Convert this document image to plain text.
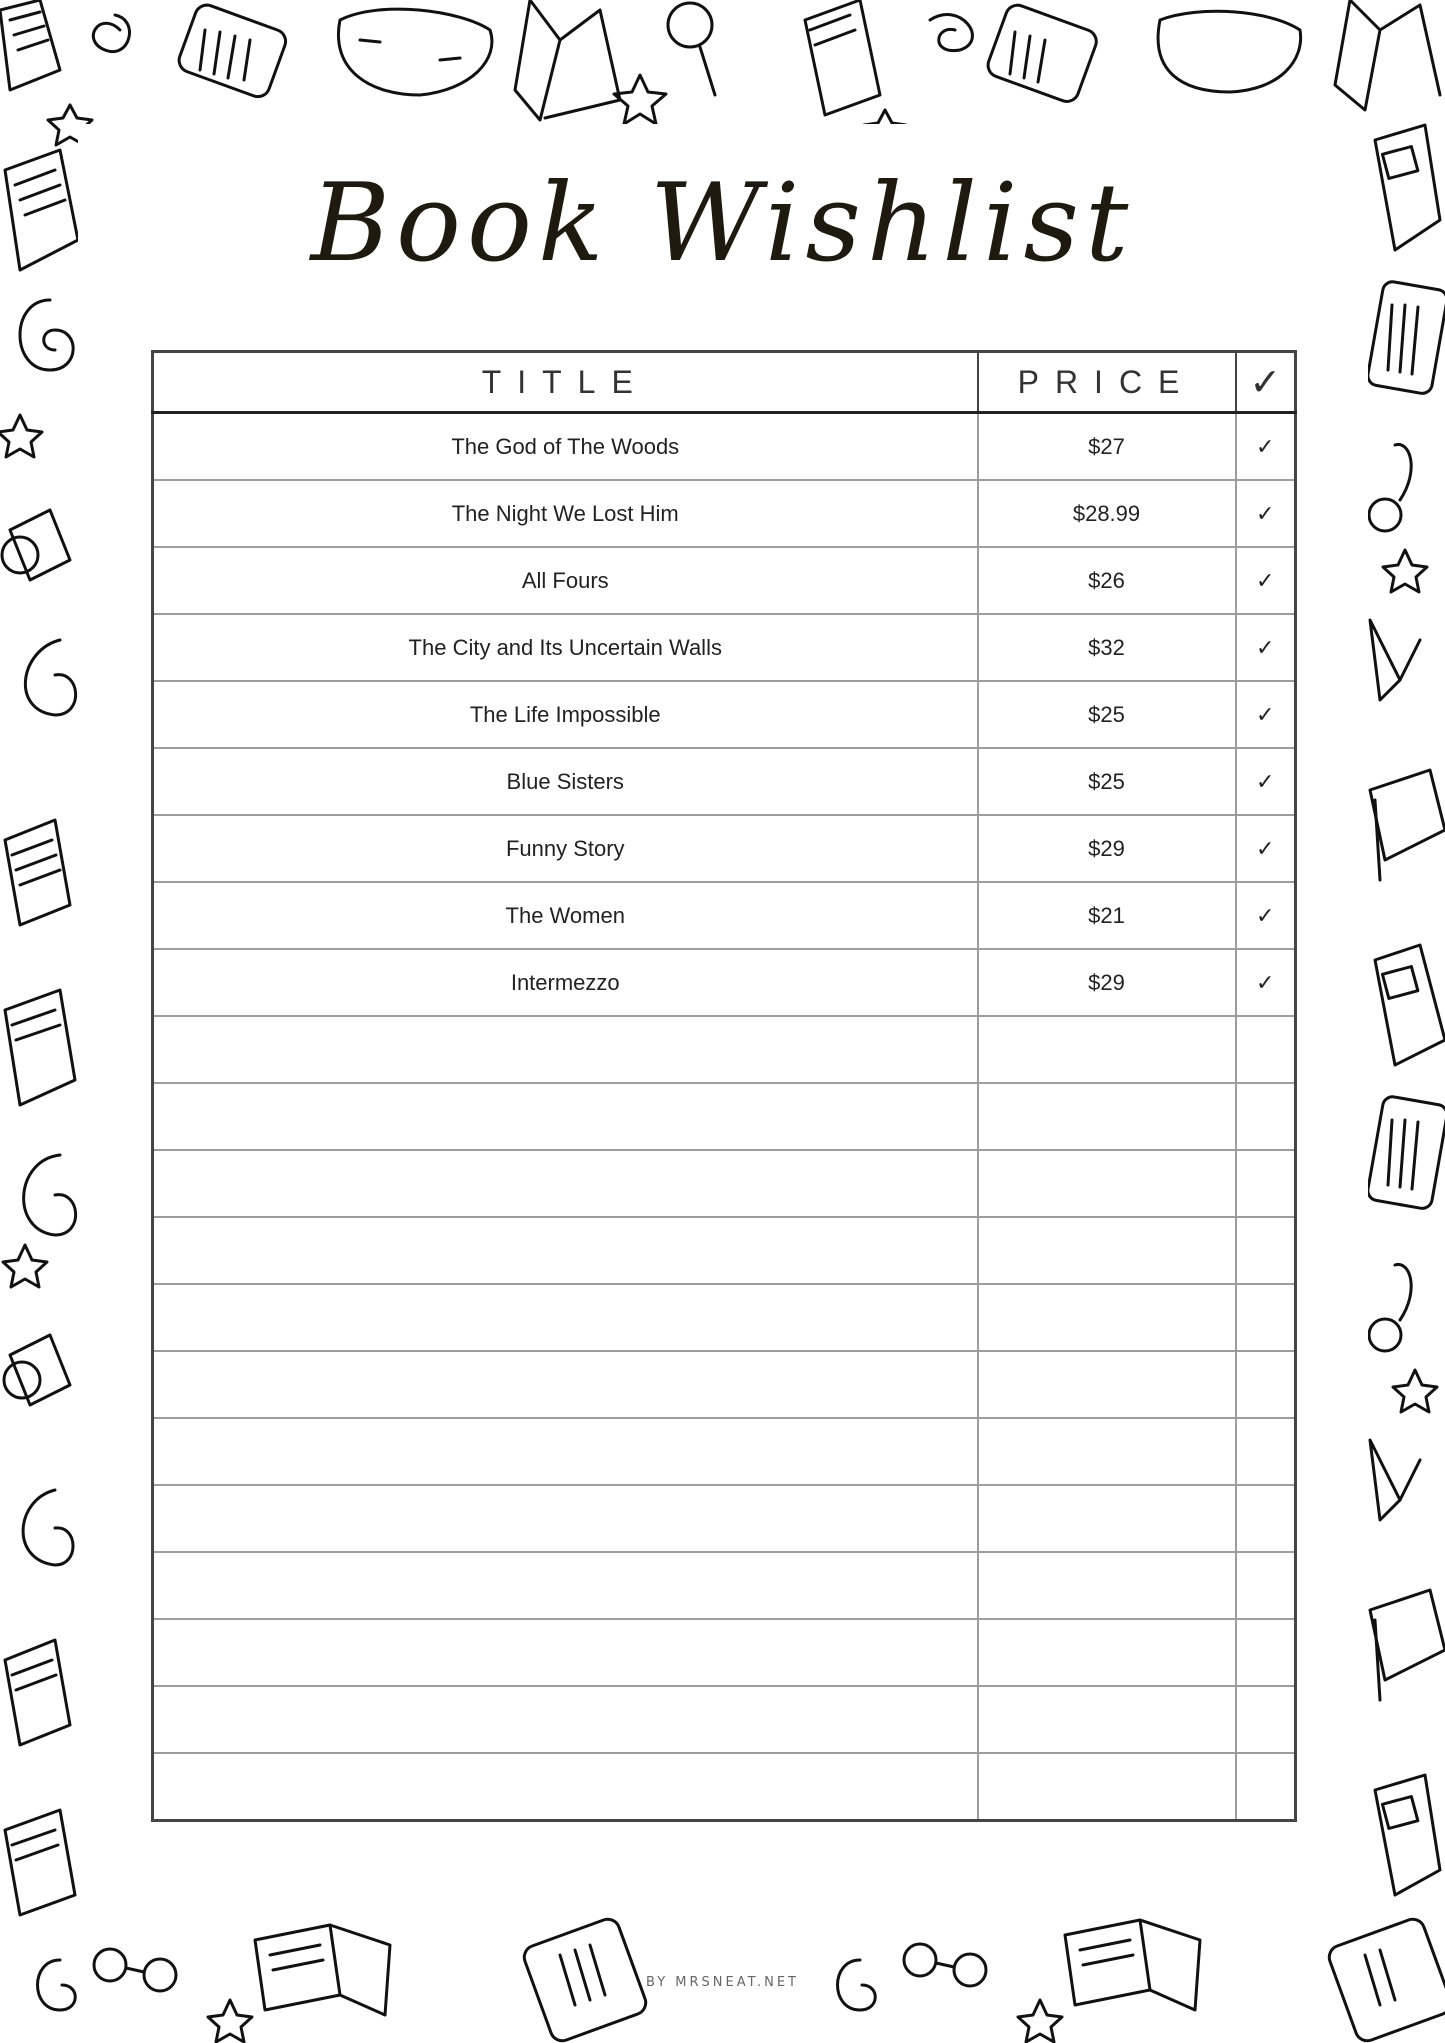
Book Wishlist
TITLE	PRICE	✓
The God of The Woods	$27	✓
The Night We Lost Him	$28.99	✓
All Fours	$26	✓
The City and Its Uncertain Walls	$32	✓
The Life Impossible	$25	✓
Blue Sisters	$25	✓
Funny Story	$29	✓
The Women	$21	✓
Intermezzo	$29	✓

BY MRSNEAT.NET
